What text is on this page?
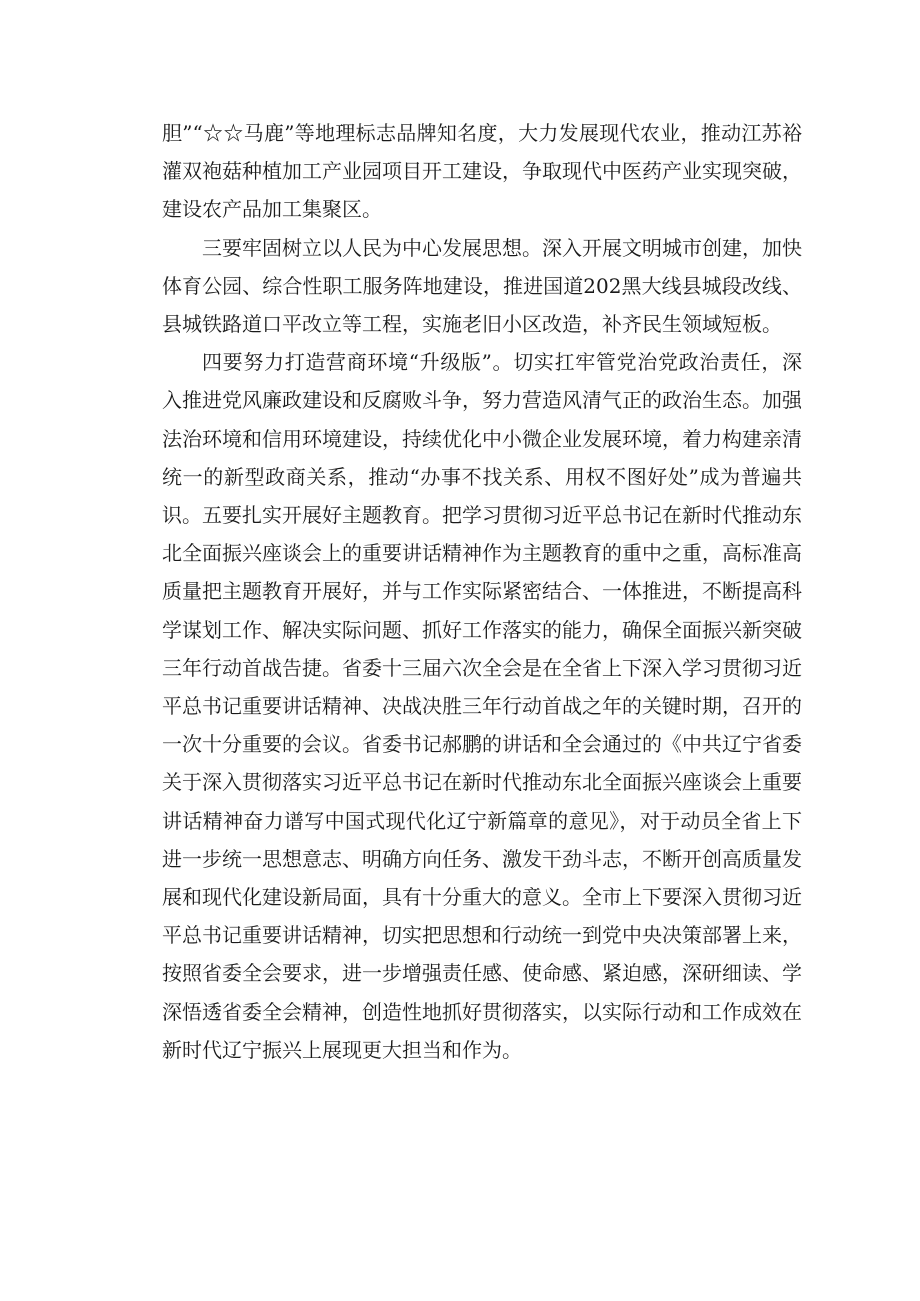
胆”“☆☆马鹿”等地理标志品牌知名度，大力发展现代农业，推动江苏裕灌双袍菇种植加工产业园项目开工建设，争取现代中医药产业实现突破，建设农产品加工集聚区。

三要牢固树立以人民为中心发展思想。深入开展文明城市创建，加快体育公园、综合性职工服务阵地建设，推进国道202黑大线县城段改线、县城铁路道口平改立等工程，实施老旧小区改造，补齐民生领域短板。

四要努力打造营商环境“升级版”。切实扛牢管党治党政治责任，深入推进党风廉政建设和反腐败斗争，努力营造风清气正的政治生态。加强法治环境和信用环境建设，持续优化中小微企业发展环境，着力构建亲清统一的新型政商关系，推动“办事不找关系、用权不图好处”成为普遍共识。五要扎实开展好主题教育。把学习贯彻习近平总书记在新时代推动东北全面振兴座谈会上的重要讲话精神作为主题教育的重中之重，高标准高质量把主题教育开展好，并与工作实际紧密结合、一体推进，不断提高科学谋划工作、解决实际问题、抓好工作落实的能力，确保全面振兴新突破三年行动首战告捷。省委十三届六次全会是在全省上下深入学习贯彻习近平总书记重要讲话精神、决战决胜三年行动首战之年的关键时期，召开的一次十分重要的会议。省委书记郝鹏的讲话和全会通过的《中共辽宁省委关于深入贯彻落实习近平总书记在新时代推动东北全面振兴座谈会上重要讲话精神奋力谱写中国式现代化辽宁新篇章的意见》，对于动员全省上下进一步统一思想意志、明确方向任务、激发干劲斗志，不断开创高质量发展和现代化建设新局面，具有十分重大的意义。全市上下要深入贯彻习近平总书记重要讲话精神，切实把思想和行动统一到党中央决策部署上来，按照省委全会要求，进一步增强责任感、使命感、紧迫感，深研细读、学深悟透省委全会精神，创造性地抓好贯彻落实，以实际行动和工作成效在新时代辽宁振兴上展现更大担当和作为。
